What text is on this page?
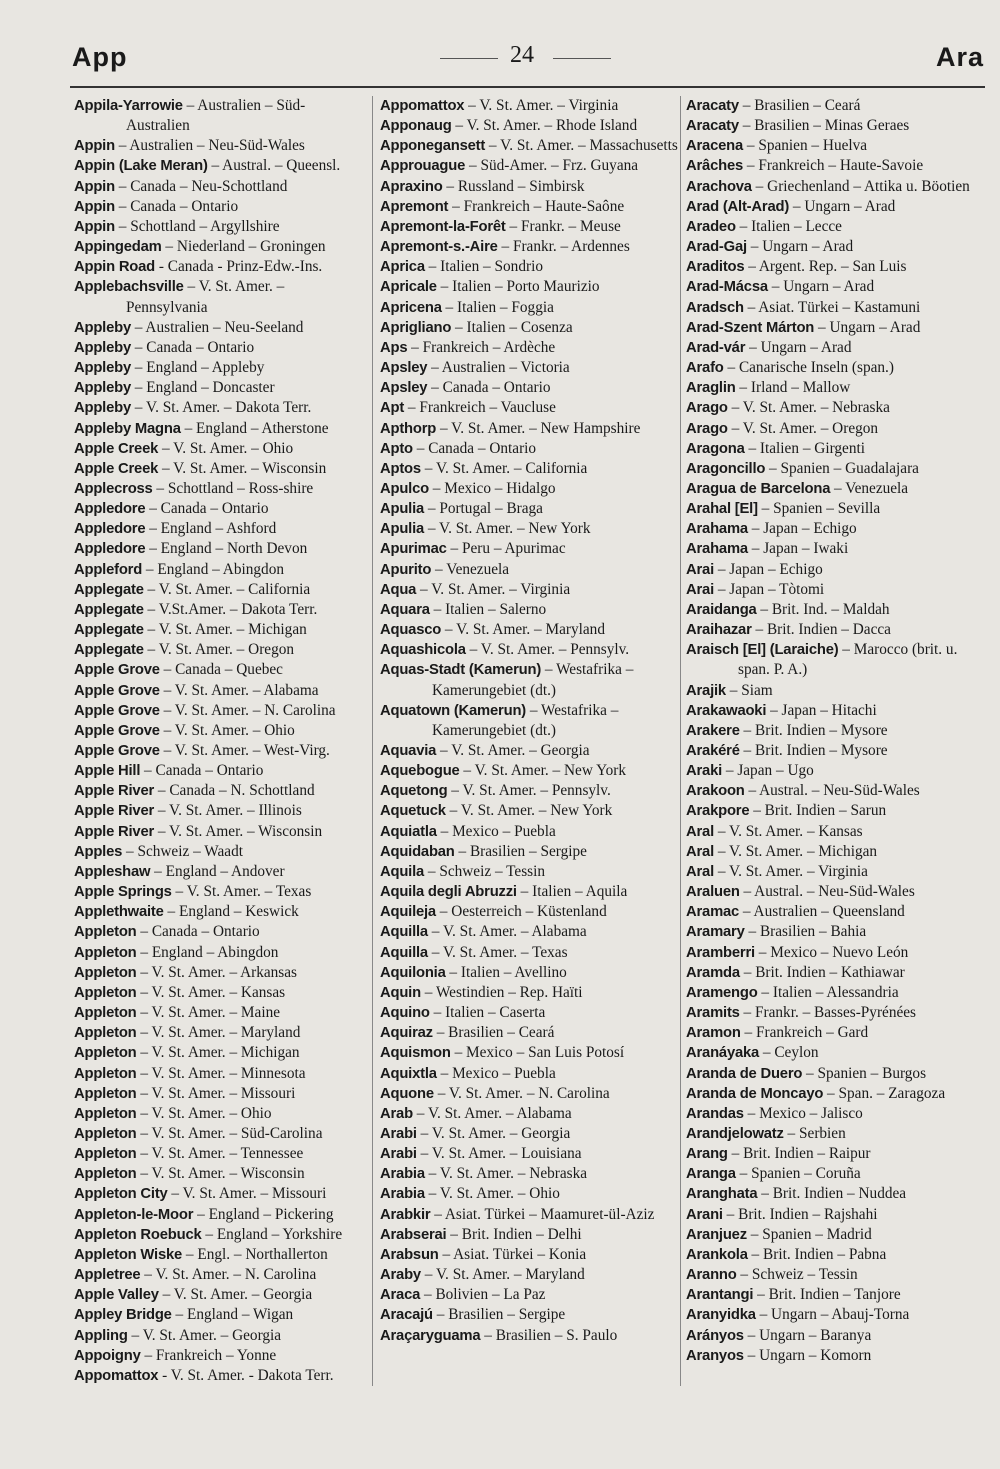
App	24	Ara

Appila-Yarrowie – Australien – Süd-Australien

Appin – Australien – Neu-Süd-Wales

Appin (Lake Meran) – Austral. – Queensl.

Appin – Canada – Neu-Schottland

Appin – Canada – Ontario

Appin – Schottland – Argyllshire

Appingedam – Niederland – Groningen

Appin Road - Canada - Prinz-Edw.-Ins.

Applebachsville – V. St. Amer. – Pennsylvania

Appleby – Australien – Neu-Seeland

Appleby – Canada – Ontario

Appleby – England – Appleby

Appleby – England – Doncaster

Appleby – V. St. Amer. – Dakota Terr.

Appleby Magna – England – Atherstone

Apple Creek – V. St. Amer. – Ohio

Apple Creek – V. St. Amer. – Wisconsin

Applecross – Schottland – Ross-shire

Appledore – Canada – Ontario

Appledore – England – Ashford

Appledore – England – North Devon

Appleford – England – Abingdon

Applegate – V. St. Amer. – California

Applegate – V.St.Amer. – Dakota Terr.

Applegate – V. St. Amer. – Michigan

Applegate – V. St. Amer. – Oregon

Apple Grove – Canada – Quebec

Apple Grove – V. St. Amer. – Alabama

Apple Grove – V. St. Amer. – N. Carolina

Apple Grove – V. St. Amer. – Ohio

Apple Grove – V. St. Amer. – West-Virg.

Apple Hill – Canada – Ontario

Apple River – Canada – N. Schottland

Apple River – V. St. Amer. – Illinois

Apple River – V. St. Amer. – Wisconsin

Apples – Schweiz – Waadt

Appleshaw – England – Andover

Apple Springs – V. St. Amer. – Texas

Applethwaite – England – Keswick

Appleton – Canada – Ontario

Appleton – England – Abingdon

Appleton – V. St. Amer. – Arkansas

Appleton – V. St. Amer. – Kansas

Appleton – V. St. Amer. – Maine

Appleton – V. St. Amer. – Maryland

Appleton – V. St. Amer. – Michigan

Appleton – V. St. Amer. – Minnesota

Appleton – V. St. Amer. – Missouri

Appleton – V. St. Amer. – Ohio

Appleton – V. St. Amer. – Süd-Carolina

Appleton – V. St. Amer. – Tennessee

Appleton – V. St. Amer. – Wisconsin

Appleton City – V. St. Amer. – Missouri

Appleton-le-Moor – England – Pickering

Appleton Roebuck – England – Yorkshire

Appleton Wiske – Engl. – Northallerton

Appletree – V. St. Amer. – N. Carolina

Apple Valley – V. St. Amer. – Georgia

Appley Bridge – England – Wigan

Appling – V. St. Amer. – Georgia

Appoigny – Frankreich – Yonne

Appomattox - V. St. Amer. - Dakota Terr.

Appomattox – V. St. Amer. – Virginia

Apponaug – V. St. Amer. – Rhode Island

Apponegansett – V. St. Amer. – Massachusetts

Approuague – Süd-Amer. – Frz. Guyana

Apraxino – Russland – Simbirsk

Apremont – Frankreich – Haute-Saône

Apremont-la-Forêt – Frankr. – Meuse

Apremont-s.-Aire – Frankr. – Ardennes

Aprica – Italien – Sondrio

Apricale – Italien – Porto Maurizio

Apricena – Italien – Foggia

Aprigliano – Italien – Cosenza

Aps – Frankreich – Ardèche

Apsley – Australien – Victoria

Apsley – Canada – Ontario

Apt – Frankreich – Vaucluse

Apthorp – V. St. Amer. – New Hampshire

Apto – Canada – Ontario

Aptos – V. St. Amer. – California

Apulco – Mexico – Hidalgo

Apulia – Portugal – Braga

Apulia – V. St. Amer. – New York

Apurimac – Peru – Apurimac

Apurito – Venezuela

Aqua – V. St. Amer. – Virginia

Aquara – Italien – Salerno

Aquasco – V. St. Amer. – Maryland

Aquashicola – V. St. Amer. – Pennsylv.

Aquas-Stadt (Kamerun) – Westafrika – Kamerungebiet (dt.)

Aquatown (Kamerun) – Westafrika – Kamerungebiet (dt.)

Aquavia – V. St. Amer. – Georgia

Aquebogue – V. St. Amer. – New York

Aquetong – V. St. Amer. – Pennsylv.

Aquetuck – V. St. Amer. – New York

Aquiatla – Mexico – Puebla

Aquidaban – Brasilien – Sergipe

Aquila – Schweiz – Tessin

Aquila degli Abruzzi – Italien – Aquila

Aquileja – Oesterreich – Küstenland

Aquilla – V. St. Amer. – Alabama

Aquilla – V. St. Amer. – Texas

Aquilonia – Italien – Avellino

Aquin – Westindien – Rep. Haïti

Aquino – Italien – Caserta

Aquiraz – Brasilien – Ceará

Aquismon – Mexico – San Luis Potosí

Aquixtla – Mexico – Puebla

Aquone – V. St. Amer. – N. Carolina

Arab – V. St. Amer. – Alabama

Arabi – V. St. Amer. – Georgia

Arabi – V. St. Amer. – Louisiana

Arabia – V. St. Amer. – Nebraska

Arabia – V. St. Amer. – Ohio

Arabkir – Asiat. Türkei – Maamuret-ül-Aziz

Arabserai – Brit. Indien – Delhi

Arabsun – Asiat. Türkei – Konia

Araby – V. St. Amer. – Maryland

Araca – Bolivien – La Paz

Aracajú – Brasilien – Sergipe

Araçaryguama – Brasilien – S. Paulo

Aracaty – Brasilien – Ceará

Aracaty – Brasilien – Minas Geraes

Aracena – Spanien – Huelva

Arâches – Frankreich – Haute-Savoie

Arachova – Griechenland – Attika u. Böotien

Arad (Alt-Arad) – Ungarn – Arad

Aradeo – Italien – Lecce

Arad-Gaj – Ungarn – Arad

Araditos – Argent. Rep. – San Luis

Arad-Mácsa – Ungarn – Arad

Aradsch – Asiat. Türkei – Kastamuni

Arad-Szent Márton – Ungarn – Arad

Arad-vár – Ungarn – Arad

Arafo – Canarische Inseln (span.)

Araglin – Irland – Mallow

Arago – V. St. Amer. – Nebraska

Arago – V. St. Amer. – Oregon

Aragona – Italien – Girgenti

Aragoncillo – Spanien – Guadalajara

Aragua de Barcelona – Venezuela

Arahal [El] – Spanien – Sevilla

Arahama – Japan – Echigo

Arahama – Japan – Iwaki

Arai – Japan – Echigo

Arai – Japan – Tòtomi

Araidanga – Brit. Ind. – Maldah

Araihazar – Brit. Indien – Dacca

Araisch [El] (Laraiche) – Marocco (brit. u. span. P. A.)

Arajik – Siam

Arakawaoki – Japan – Hitachi

Arakere – Brit. Indien – Mysore

Arakéré – Brit. Indien – Mysore

Araki – Japan – Ugo

Arakoon – Austral. – Neu-Süd-Wales

Arakpore – Brit. Indien – Sarun

Aral – V. St. Amer. – Kansas

Aral – V. St. Amer. – Michigan

Aral – V. St. Amer. – Virginia

Araluen – Austral. – Neu-Süd-Wales

Aramac – Australien – Queensland

Aramary – Brasilien – Bahia

Aramberri – Mexico – Nuevo León

Aramda – Brit. Indien – Kathiawar

Aramengo – Italien – Alessandria

Aramits – Frankr. – Basses-Pyrénées

Aramon – Frankreich – Gard

Aranáyaka – Ceylon

Aranda de Duero – Spanien – Burgos

Aranda de Moncayo – Span. – Zaragoza

Arandas – Mexico – Jalisco

Arandjelowatz – Serbien

Arang – Brit. Indien – Raipur

Aranga – Spanien – Coruña

Aranghata – Brit. Indien – Nuddea

Arani – Brit. Indien – Rajshahi

Aranjuez – Spanien – Madrid

Arankola – Brit. Indien – Pabna

Aranno – Schweiz – Tessin

Arantangi – Brit. Indien – Tanjore

Aranyidka – Ungarn – Abauj-Torna

Arányos – Ungarn – Baranya

Aranyos – Ungarn – Komorn
